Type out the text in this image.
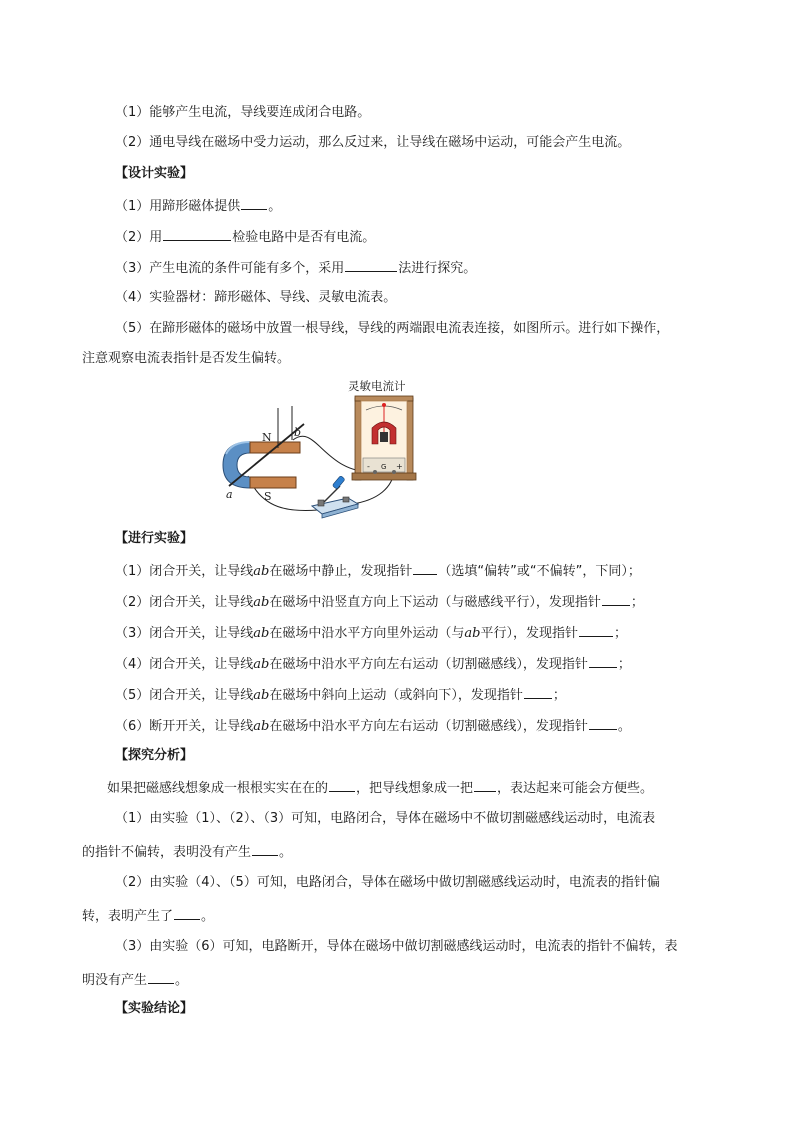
（1）能够产生电流，导线要连成闭合电路。
（2）通电导线在磁场中受力运动，那么反过来，让导线在磁场中运动，可能会产生电流。
【设计实验】
（1）用蹄形磁体提供 。
（2）用	检验电路中是否有电流。
（3）产生电流的条件可能有多个，采用	法进行探究。
（4）实验器材：蹄形磁体、导线、灵敏电流表。
（5）在蹄形磁体的磁场中放置一根导线，导线的两端跟电流表连接，如图所示。进行如下操作，
注意观察电流表指针是否发生偏转。
N
S
a
b
灵敏电流计
- G +
【进行实验】
（1）闭合开关，让导线ab在磁场中静止，发现指针 （选填“偏转”或“不偏转”，下同）；
（2）闭合开关，让导线ab在磁场中沿竖直方向上下运动（与磁感线平行），发现指针 ；
（3）闭合开关，让导线ab在磁场中沿水平方向里外运动（与ab平行），发现指针	；
（4）闭合开关，让导线ab在磁场中沿水平方向左右运动（切割磁感线），发现指针 ；
（5）闭合开关，让导线ab在磁场中斜向上运动（或斜向下），发现指针 ；
（6）断开开关，让导线ab在磁场中沿水平方向左右运动（切割磁感线），发现指针 。
【探究分析】
如果把磁感线想象成一根根实实在在的 ，把导线想象成一把 ，表达起来可能会方便些。
（1）由实验（1）、（2）、（3）可知，电路闭合，导体在磁场中不做切割磁感线运动时，电流表
的指针不偏转，表明没有产生 。
（2）由实验（4）、（5）可知，电路闭合，导体在磁场中做切割磁感线运动时，电流表的指针偏
转，表明产生了 。
（3）由实验（6）可知，电路断开，导体在磁场中做切割磁感线运动时，电流表的指针不偏转，表
明没有产生 。
【实验结论】
